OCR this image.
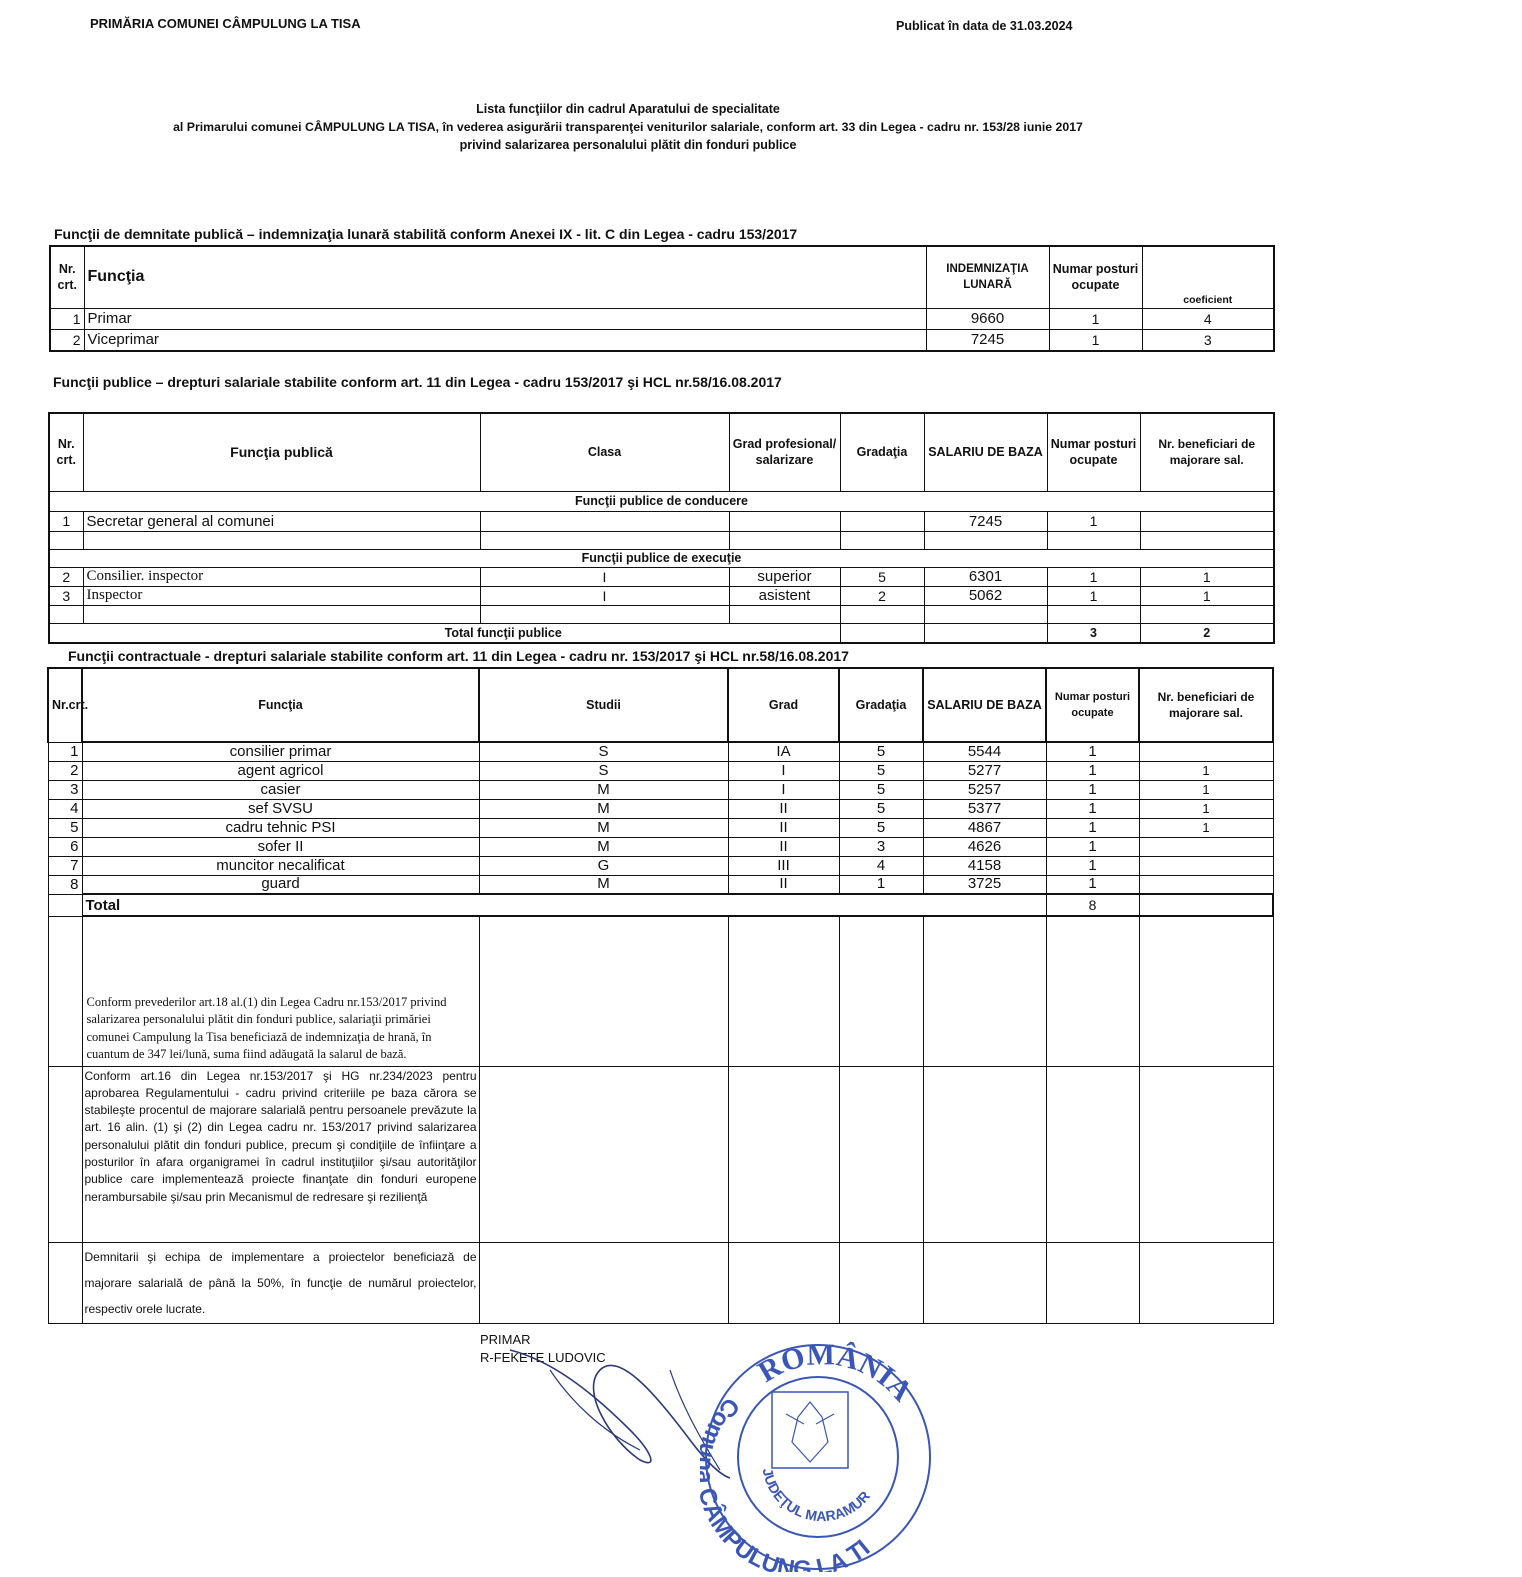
PRIMĂRIA COMUNEI CÂMPULUNG LA TISA	Publicat în data de 31.03.2024
Lista funcţiilor din cadrul Aparatului de specialitate
al Primarului comunei CÂMPULUNG LA TISA, în vederea asigurării transparenţei veniturilor salariale, conform art. 33 din Legea - cadru nr. 153/28 iunie 2017
privind salarizarea personalului plătit din fonduri publice
Funcţii de demnitate publică – indemnizaţia lunară stabilită conform Anexei IX - lit. C din Legea - cadru 153/2017
Nr. crt.	Funcţia	INDEMNIZAŢIA LUNARĂ	Numar posturi ocupate	coeficient
1	Primar	9660	1	4
2	Viceprimar	7245	1	3
Funcţii publice – drepturi salariale stabilite conform art. 11 din Legea - cadru 153/2017 şi HCL nr.58/16.08.2017
Nr. crt.	Funcţia publică	Clasa	Grad profesional/ salarizare	Gradaţia	SALARIU DE BAZA	Numar posturi ocupate	Nr. beneficiari de majorare sal.
Funcţii publice de conducere							
1	Secretar general al comunei				7245	1	

Funcţii publice de execuţie							
2	Consilier. inspector	I	superior	5	6301	1	1
3	Inspector	I	asistent	2	5062	1	1

Total funcţii publice						3	2
Funcţii contractuale - drepturi salariale stabilite conform art. 11 din Legea - cadru nr. 153/2017 şi HCL nr.58/16.08.2017
Nr.crt.	Funcţia	Studii	Grad	Gradaţia	SALARIU DE BAZA	Numar posturi ocupate	Nr. beneficiari de majorare sal.
1	consilier primar	S	IA	5	5544	1	
2	agent agricol	S	I	5	5277	1	1
3	casier	M	I	5	5257	1	1
4	sef SVSU	M	II	5	5377	1	1
5	cadru tehnic PSI	M	II	5	4867	1	1
6	sofer II	M	II	3	4626	1	
7	muncitor necalificat	G	III	4	4158	1	
8	guard	M	II	1	3725	1	
	Total					8	
	Conform prevederilor art.18 al.(1) din Legea Cadru nr.153/2017 privind salarizarea personalului plătit din fonduri publice, salariaţii primăriei comunei Campulung la Tisa beneficiază de indemnizaţia de hrană, în cuantum de 347 lei/lună, suma fiind adăugată la salarul de bază.						
	Conform art.16 din Legea nr.153/2017 şi HG nr.234/2023 pentru aprobarea Regulamentului - cadru privind criteriile pe baza cărora se stabileşte procentul de majorare salarială pentru persoanele prevăzute la art. 16 alin. (1) şi (2) din Legea cadru nr. 153/2017 privind salarizarea personalului plătit din fonduri publice, precum şi condiţiile de înfiinţare a posturilor în afara organigramei în cadrul instituţiilor şi/sau autorităţilor publice care implementează proiecte finanţate din fonduri europene nerambursabile şi/sau prin Mecanismul de redresare şi rezilienţă						
	Demnitarii şi echipa de implementare a proiectelor beneficiază de majorare salarială de până la 50%, în funcţie de numărul proiectelor, respectiv orele lucrate.						
PRIMAR
R-FEKETE LUDOVIC	ROMÂNIA
Co ÂMPULUNG LA TI
JUDEŢUL MARAMUR
